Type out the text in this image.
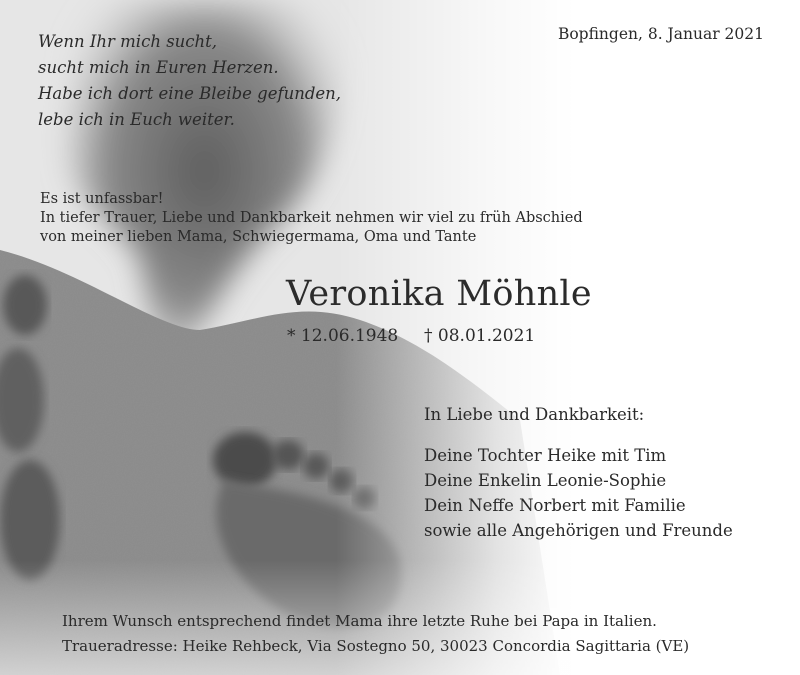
Wenn Ihr mich sucht,
sucht mich in Euren Herzen.
Habe ich dort eine Bleibe gefunden,
lebe ich in Euch weiter.
Bopfingen, 8. Januar 2021
Es ist unfassbar!
In tiefer Trauer, Liebe und Dankbarkeit nehmen wir viel zu früh Abschied
von meiner lieben Mama, Schwiegermama, Oma und Tante
Veronika Möhnle
* 12.06.1948 † 08.01.2021
In Liebe und Dankbarkeit:
Deine Tochter Heike mit Tim
Deine Enkelin Leonie-Sophie
Dein Neffe Norbert mit Familie
sowie alle Angehörigen und Freunde
Ihrem Wunsch entsprechend findet Mama ihre letzte Ruhe bei Papa in Italien.
Traueradresse: Heike Rehbeck, Via Sostegno 50, 30023 Concordia Sagittaria (VE)
